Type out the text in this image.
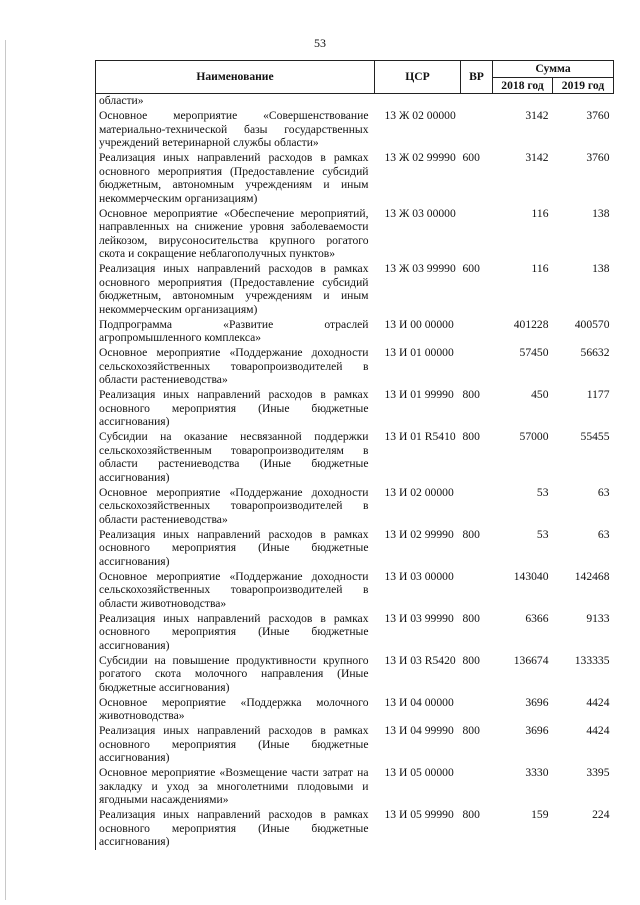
53
Наименование	ЦСР	ВР	Сумма	
			2018 год	2019 год
области»				
Основное мероприятие «Совершенствование материально-технической базы государственных учреждений ветеринарной службы области»	13 Ж 02 00000		3142	3760
Реализация иных направлений расходов в рамках основного мероприятия (Предоставление субсидий бюджетным, автономным учреждениям и иным некоммерческим организациям)	13 Ж 02 99990	600	3142	3760
Основное мероприятие «Обеспечение мероприятий, направленных на снижение уровня заболеваемости лейкозом, вирусоносительства крупного рогатого скота и сокращение неблагополучных пунктов»	13 Ж 03 00000		116	138
Реализация иных направлений расходов в рамках основного мероприятия (Предоставление субсидий бюджетным, автономным учреждениям и иным некоммерческим организациям)	13 Ж 03 99990	600	116	138
Подпрограмма «Развитие отраслей агропромышленного комплекса»	13 И 00 00000		401228	400570
Основное мероприятие «Поддержание доходности сельскохозяйственных товаропроизводителей в области растениеводства»	13 И 01 00000		57450	56632
Реализация иных направлений расходов в рамках основного мероприятия (Иные бюджетные ассигнования)	13 И 01 99990	800	450	1177
Субсидии на оказание несвязанной поддержки сельскохозяйственным товаропроизводителям в области растениеводства (Иные бюджетные ассигнования)	13 И 01 R5410	800	57000	55455
Основное мероприятие «Поддержание доходности сельскохозяйственных товаропроизводителей в области растениеводства»	13 И 02 00000		53	63
Реализация иных направлений расходов в рамках основного мероприятия (Иные бюджетные ассигнования)	13 И 02 99990	800	53	63
Основное мероприятие «Поддержание доходности сельскохозяйственных товаропроизводителей в области животноводства»	13 И 03 00000		143040	142468
Реализация иных направлений расходов в рамках основного мероприятия (Иные бюджетные ассигнования)	13 И 03 99990	800	6366	9133
Субсидии на повышение продуктивности крупного рогатого скота молочного направления (Иные бюджетные ассигнования)	13 И 03 R5420	800	136674	133335
Основное мероприятие «Поддержка молочного животноводства»	13 И 04 00000		3696	4424
Реализация иных направлений расходов в рамках основного мероприятия (Иные бюджетные ассигнования)	13 И 04 99990	800	3696	4424
Основное мероприятие «Возмещение части затрат на закладку и уход за многолетними плодовыми и ягодными насаждениями»	13 И 05 00000		3330	3395
Реализация иных направлений расходов в рамках основного мероприятия (Иные бюджетные ассигнования)	13 И 05 99990	800	159	224
